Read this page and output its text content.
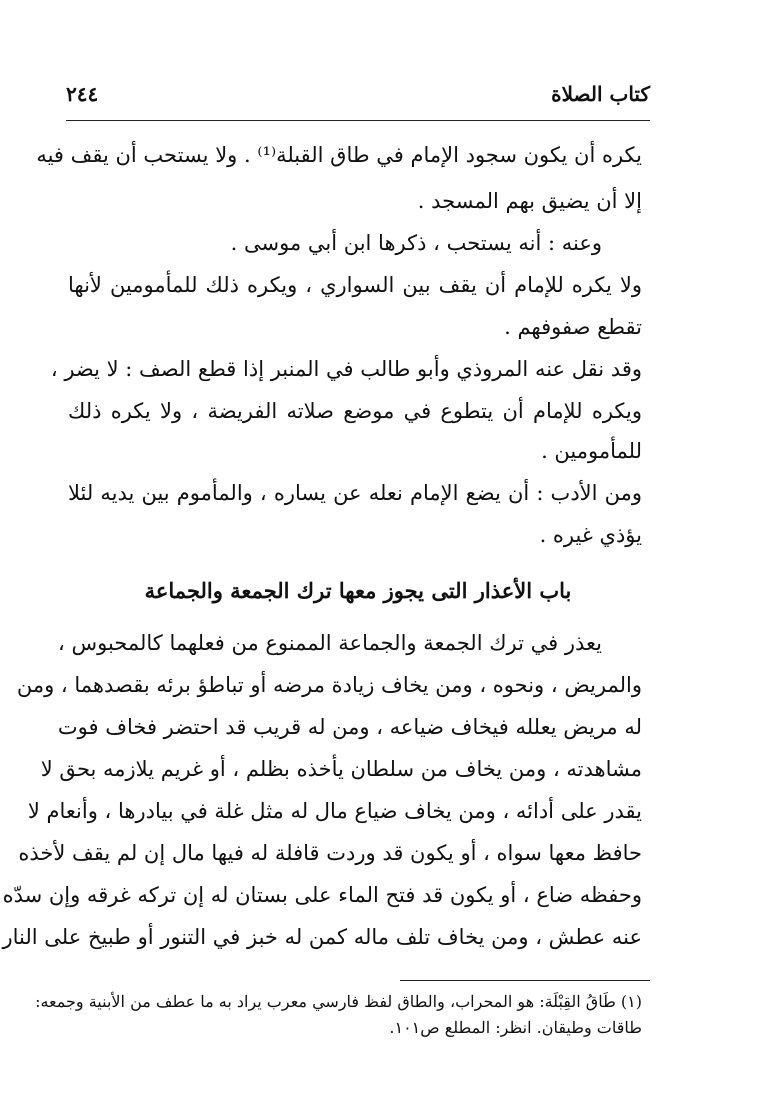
كتاب الصلاة
٢٤٤
يكره أن يكون سجود الإمام في طاق القبلة⁽¹⁾ . ولا يستحب أن يقف فيه
إلا أن يضيق بهم المسجد .
وعنه : أنه يستحب ، ذكرها ابن أبي موسى .
ولا يكره للإمام أن يقف بين السواري ، ويكره ذلك للمأمومين لأنها
تقطع صفوفهم .
وقد نقل عنه المروذي وأبو طالب في المنبر إذا قطع الصف : لا يضر ،
ويكره للإمام أن يتطوع في موضع صلاته الفريضة ، ولا يكره ذلك
للمأمومين .
ومن الأدب : أن يضع الإمام نعله عن يساره ، والمأموم بين يديه لئلا
يؤذي غيره .
باب الأعذار التى يجوز معها ترك الجمعة والجماعة
يعذر في ترك الجمعة والجماعة الممنوع من فعلهما كالمحبوس ،
والمريض ، ونحوه ، ومن يخاف زيادة مرضه أو تباطؤ برئه بقصدهما ، ومن
له مريض يعلله فيخاف ضياعه ، ومن له قريب قد احتضر فخاف فوت
مشاهدته ، ومن يخاف من سلطان يأخذه بظلم ، أو غريم يلازمه بحق لا
يقدر على أدائه ، ومن يخاف ضياع مال له مثل غلة في بيادرها ، وأنعام لا
حافظ معها سواه ، أو يكون قد وردت قافلة له فيها مال إن لم يقف لأخذه
وحفظه ضاع ، أو يكون قد فتح الماء على بستان له إن تركه غرقه وإن سدّه
عنه عطش ، ومن يخاف تلف ماله كمن له خبز في التنور أو طبيخ على النار
(١) طَاقُ القِبْلَة: هو المحراب، والطاق لفظ فارسي معرب يراد به ما عطف من الأبنية وجمعه:
طاقات وطيقان. انظر: المطلع ص١٠١.
